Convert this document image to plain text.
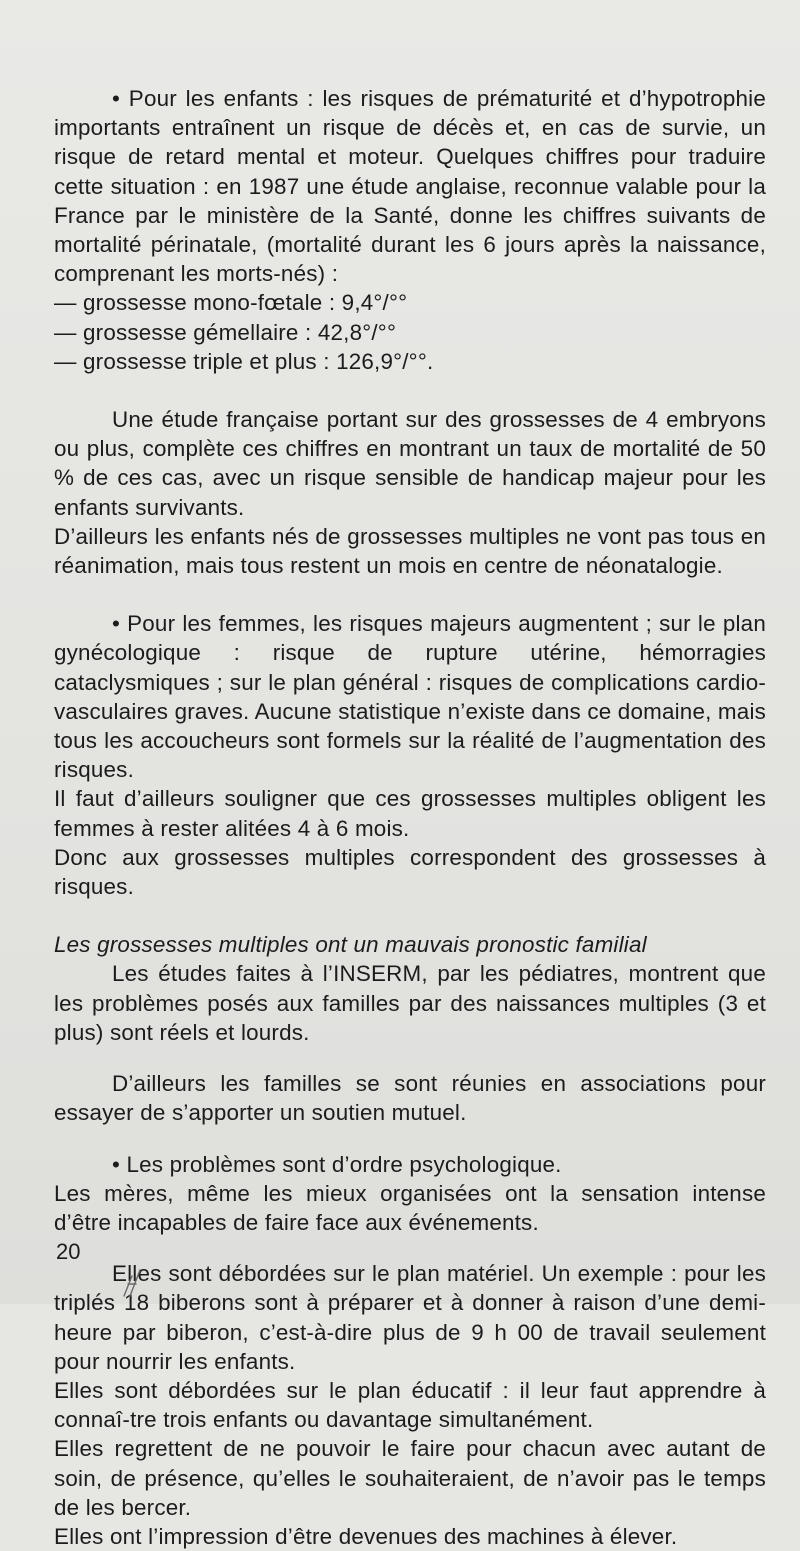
• Pour les enfants : les risques de prématurité et d’hypotrophie importants entraînent un risque de décès et, en cas de survie, un risque de retard mental et moteur. Quelques chiffres pour traduire cette situation : en 1987 une étude anglaise, reconnue valable pour la France par le ministère de la Santé, donne les chiffres suivants de mortalité périnatale, (mortalité durant les 6 jours après la naissance, comprenant les morts-nés) :

— grossesse mono-fœtale : 9,4°/°°

— grossesse gémellaire : 42,8°/°°

— grossesse triple et plus : 126,9°/°°.

Une étude française portant sur des grossesses de 4 embryons ou plus, complète ces chiffres en montrant un taux de mortalité de 50 % de ces cas, avec un risque sensible de handicap majeur pour les enfants survivants.

D’ailleurs les enfants nés de grossesses multiples ne vont pas tous en réanimation, mais tous restent un mois en centre de néonatalogie.

• Pour les femmes, les risques majeurs augmentent ; sur le plan gynécologique : risque de rupture utérine, hémorragies cataclysmiques ; sur le plan général : risques de complications cardio-vasculaires graves. Aucune statistique n’existe dans ce domaine, mais tous les accoucheurs sont formels sur la réalité de l’augmentation des risques.

Il faut d’ailleurs souligner que ces grossesses multiples obligent les femmes à rester alitées 4 à 6 mois.

Donc aux grossesses multiples correspondent des grossesses à risques.

Les grossesses multiples ont un mauvais pronostic familial

Les études faites à l’INSERM, par les pédiatres, montrent que les problèmes posés aux familles par des naissances multiples (3 et plus) sont réels et lourds.

D’ailleurs les familles se sont réunies en associations pour essayer de s’apporter un soutien mutuel.

• Les problèmes sont d’ordre psychologique.

Les mères, même les mieux organisées ont la sensation intense d’être incapables de faire face aux événements.

Elles sont débordées sur le plan matériel. Un exemple : pour les triplés 18 biberons sont à préparer et à donner à raison d’une demi-heure par biberon, c’est-à-dire plus de 9 h 00 de travail seulement pour nourrir les enfants.

Elles sont débordées sur le plan éducatif : il leur faut apprendre à connaî-tre trois enfants ou davantage simultanément.

Elles regrettent de ne pouvoir le faire pour chacun avec autant de soin, de présence, qu’elles le souhaiteraient, de n’avoir pas le temps de les bercer.

Elles ont l’impression d’être devenues des machines à élever.

20
